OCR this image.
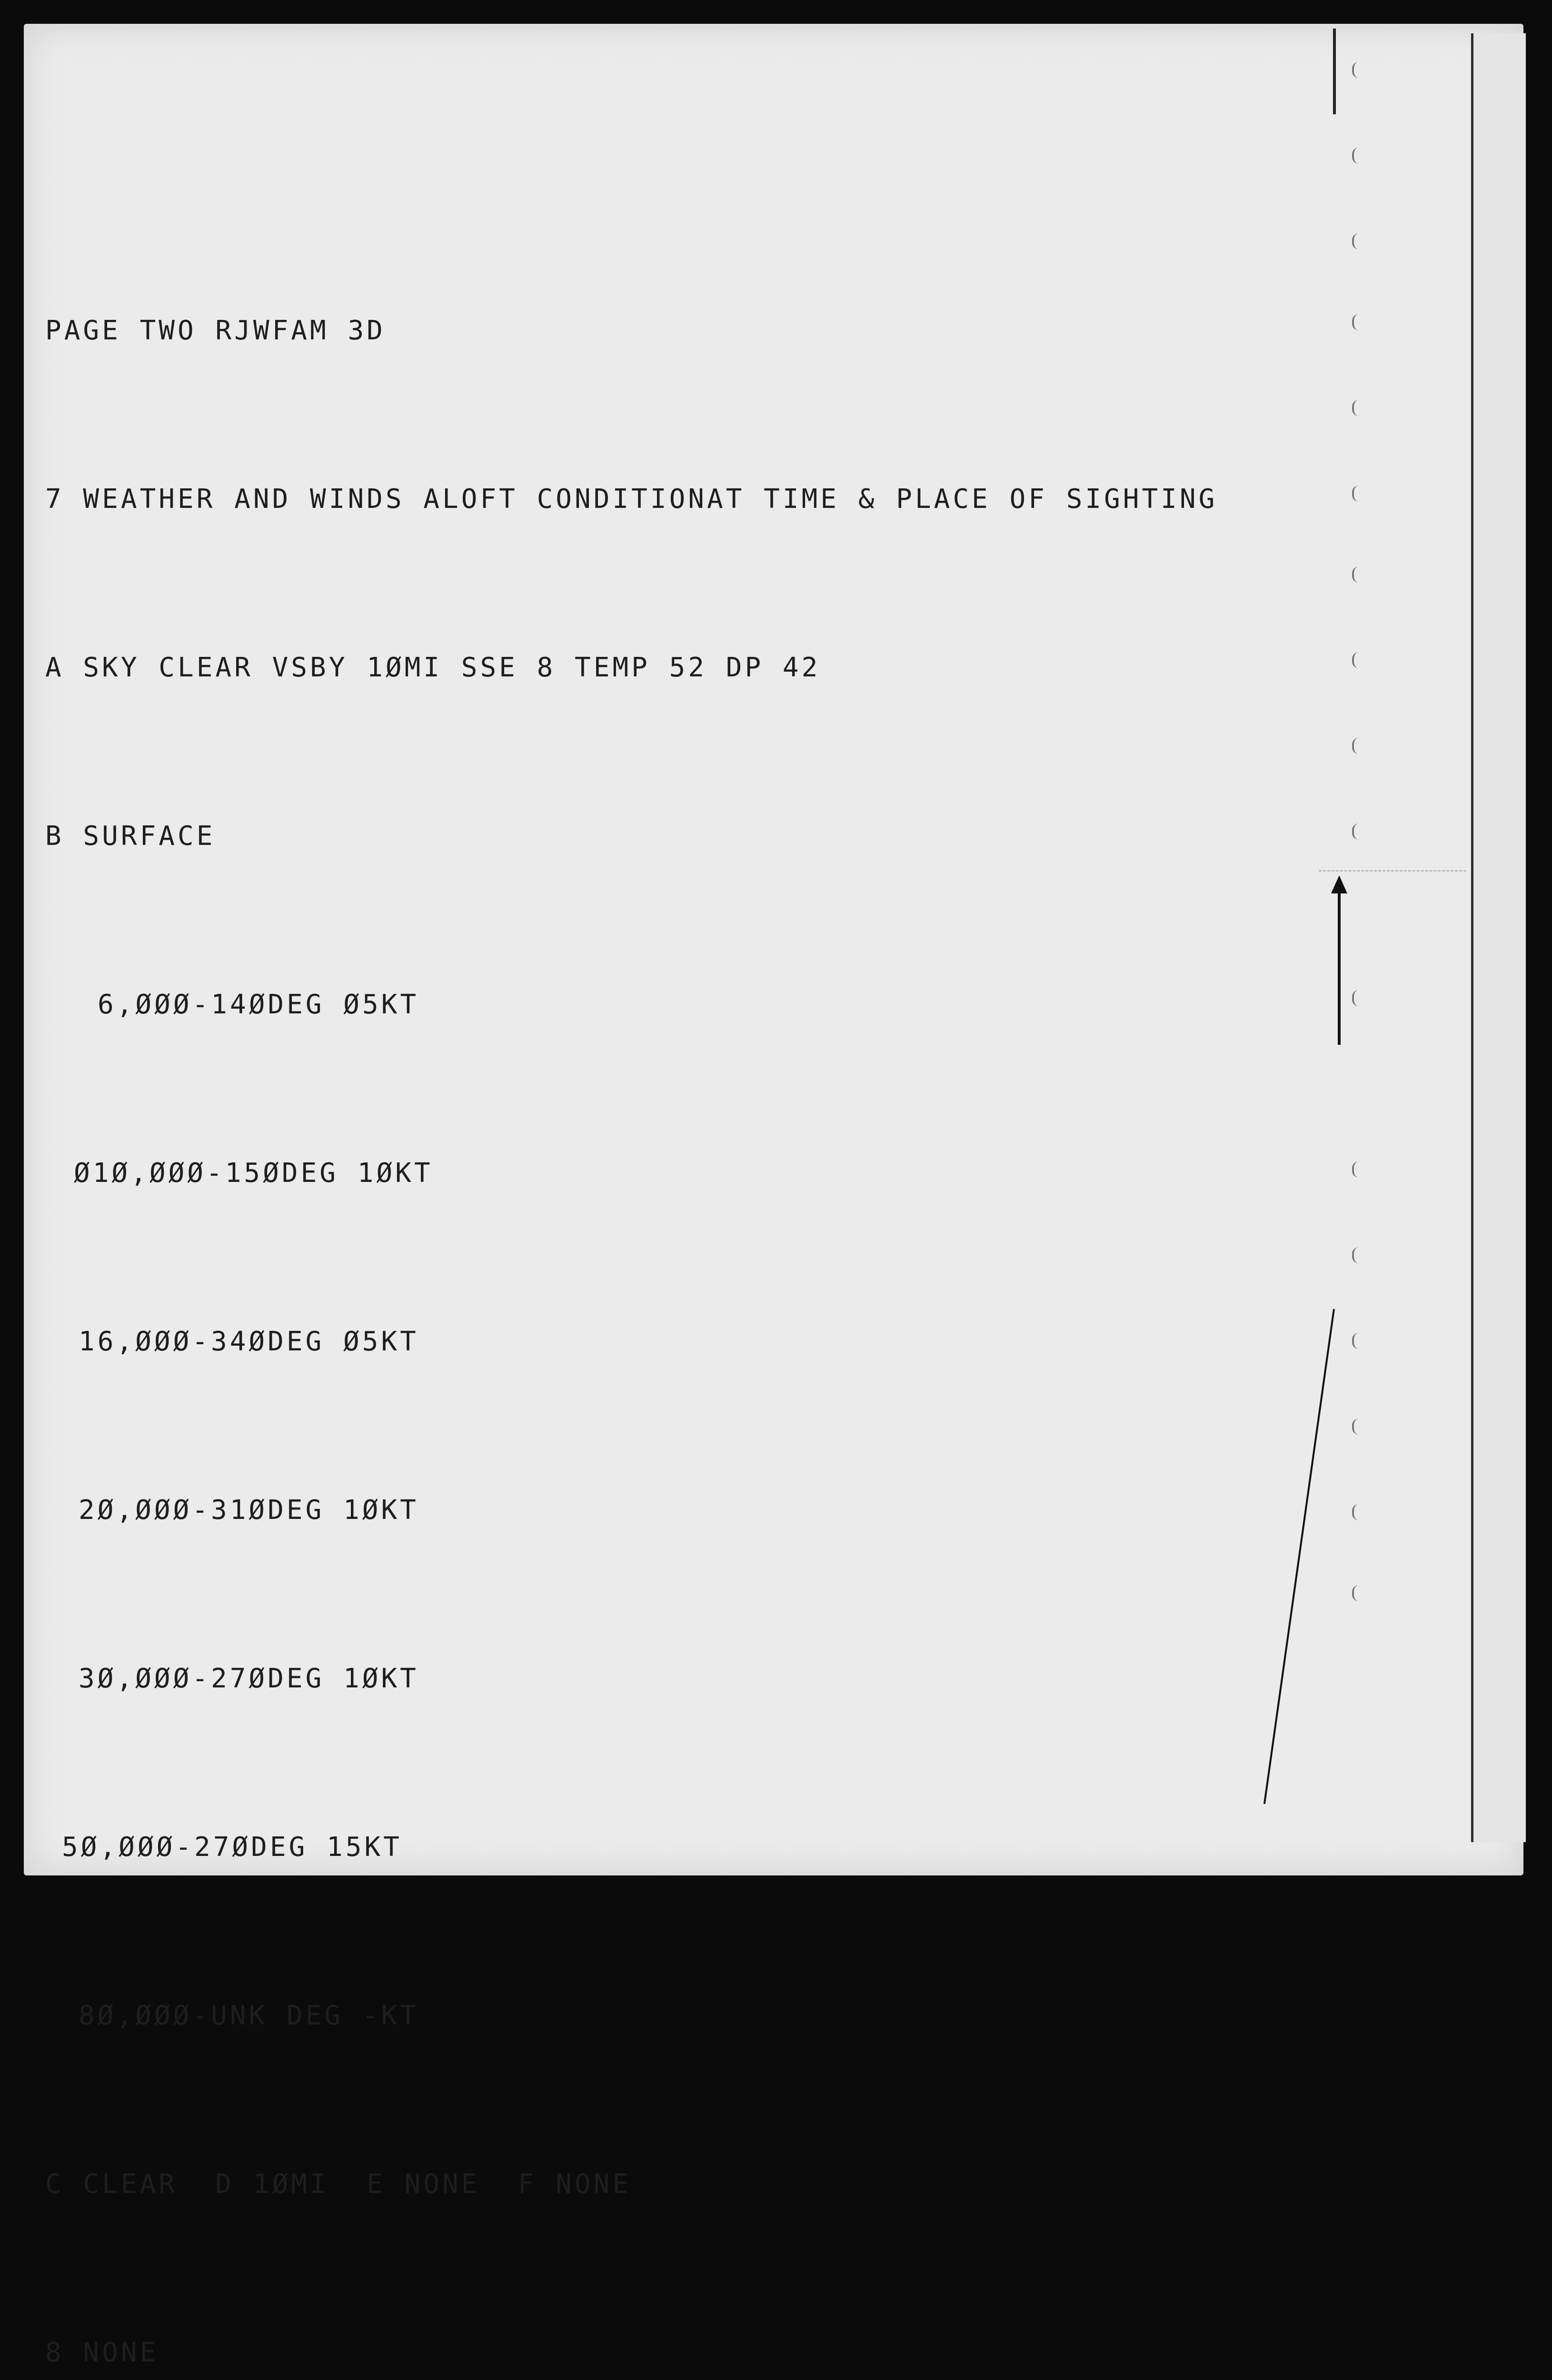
PAGE TWO RJWFAM 3D

7 WEATHER AND WINDS ALOFT CONDITIONAT TIME & PLACE OF SIGHTING

A SKY CLEAR VSBY 1ØMI SSE 8 TEMP 52 DP 42

B SURFACE

6,ØØØ-14ØDEG Ø5KT

Ø1Ø,ØØØ-15ØDEG 1ØKT

16,ØØØ-34ØDEG Ø5KT

2Ø,ØØØ-31ØDEG 1ØKT

3Ø,ØØØ-27ØDEG 1ØKT

5Ø,ØØØ-27ØDEG 15KT

8Ø,ØØØ-UNK DEG -KT

C CLEAR  D 1ØMI  E NONE  F NONE

8 NONE
